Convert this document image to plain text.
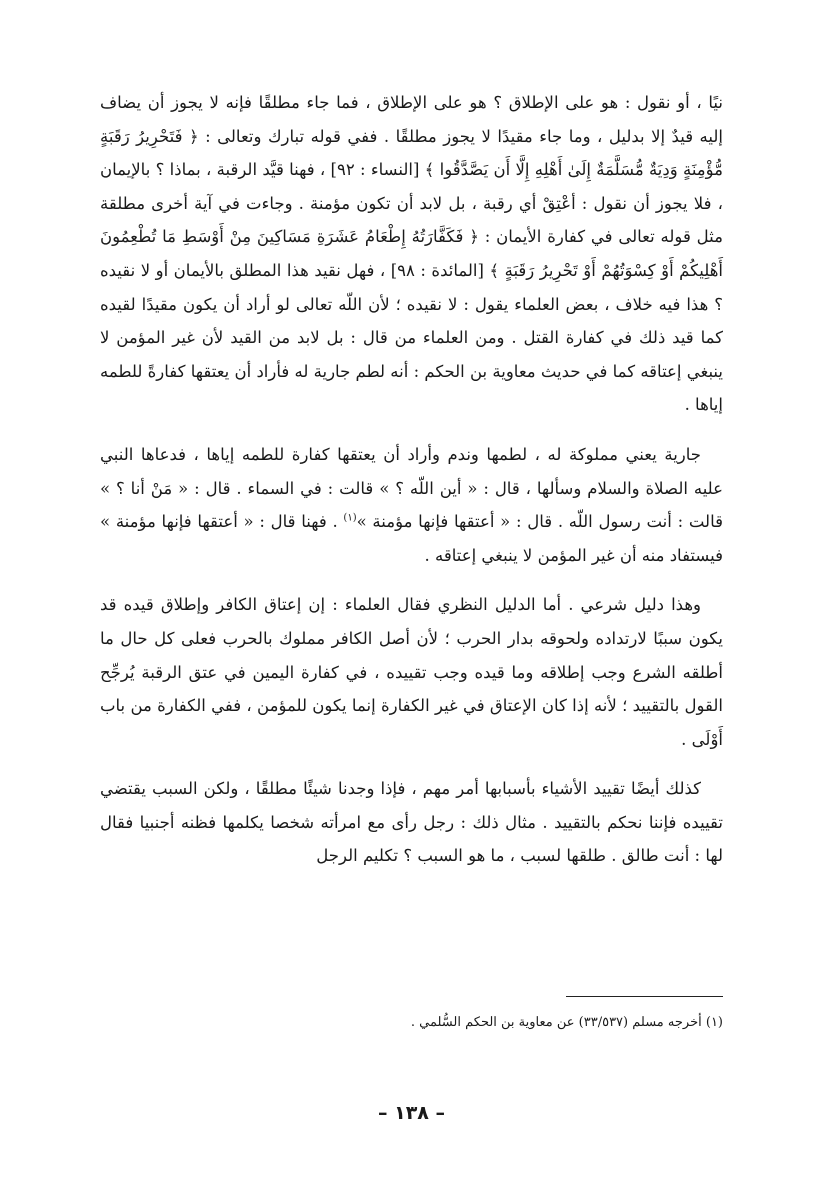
نيًا ، أو نقول : هو على الإطلاق ؟ هو على الإطلاق ، فما جاء مطلقًا فإنه لا يجوز أن يضاف إليه قيدٌ إلا بدليل ، وما جاء مقيدًا لا يجوز مطلقًا . ففي قوله تبارك وتعالى : ﴿ فَتَحْرِيرُ رَقَبَةٍ مُّؤْمِنَةٍ وَدِيَةٌ مُّسَلَّمَةٌ إِلَىٰ أَهْلِهِ إِلَّا أَن يَصَّدَّقُوا ﴾ [النساء : ٩٢] ، فهنا قيَّد الرقبة ، بماذا ؟ بالإيمان ، فلا يجوز أن نقول : أعْتِقْ أي رقبة ، بل لابد أن تكون مؤمنة . وجاءت في آية أخرى مطلقة مثل قوله تعالى في كفارة الأيمان : ﴿ فَكَفَّارَتُهُ إِطْعَامُ عَشَرَةِ مَسَاكِينَ مِنْ أَوْسَطِ مَا تُطْعِمُونَ أَهْلِيكُمْ أَوْ كِسْوَتُهُمْ أَوْ تَحْرِيرُ رَقَبَةٍ ﴾ [المائدة : ٩٨] ، فهل نقيد هذا المطلق بالأيمان أو لا نقيده ؟ هذا فيه خلاف ، بعض العلماء يقول : لا نقيده ؛ لأن اللّه تعالى لو أراد أن يكون مقيدًا لقيده كما قيد ذلك في كفارة القتل . ومن العلماء من قال : بل لابد من القيد لأن غير المؤمن لا ينبغي إعتاقه كما في حديث معاوية بن الحكم : أنه لطم جارية له فأراد أن يعتقها كفارةً للطمه إياها .

جارية يعني مملوكة له ، لطمها وندم وأراد أن يعتقها كفارة للطمه إياها ، فدعاها النبي عليه الصلاة والسلام وسألها ، قال : « أين اللّه ؟ » قالت : في السماء . قال : « مَنْ أنا ؟ » قالت : أنت رسول اللّه . قال : « أعتقها فإنها مؤمنة »$^{(١)}$ . فهنا قال : « أعتقها فإنها مؤمنة » فيستفاد منه أن غير المؤمن لا ينبغي إعتاقه .

وهذا دليل شرعي . أما الدليل النظري فقال العلماء : إن إعتاق الكافر وإطلاق قيده قد يكون سببًا لارتداده ولحوقه بدار الحرب ؛ لأن أصل الكافر مملوك بالحرب فعلى كل حال ما أطلقه الشرع وجب إطلاقه وما قيده وجب تقييده ، في كفارة اليمين في عتق الرقبة يُرجِّح القول بالتقييد ؛ لأنه إذا كان الإعتاق في غير الكفارة إنما يكون للمؤمن ، ففي الكفارة من باب أَوْلَى .

كذلك أيضًا تقييد الأشياء بأسبابها أمر مهم ، فإذا وجدنا شيئًا مطلقًا ، ولكن السبب يقتضي تقييده فإننا نحكم بالتقييد . مثال ذلك : رجل رأى مع امرأته شخصا يكلمها فظنه أجنبيا فقال لها : أنت طالق . طلقها لسبب ، ما هو السبب ؟ تكليم الرجل

(١) أخرجه مسلم (٣٣/٥٣٧) عن معاوية بن الحكم السُّلمي .
– ١٣٨ –
